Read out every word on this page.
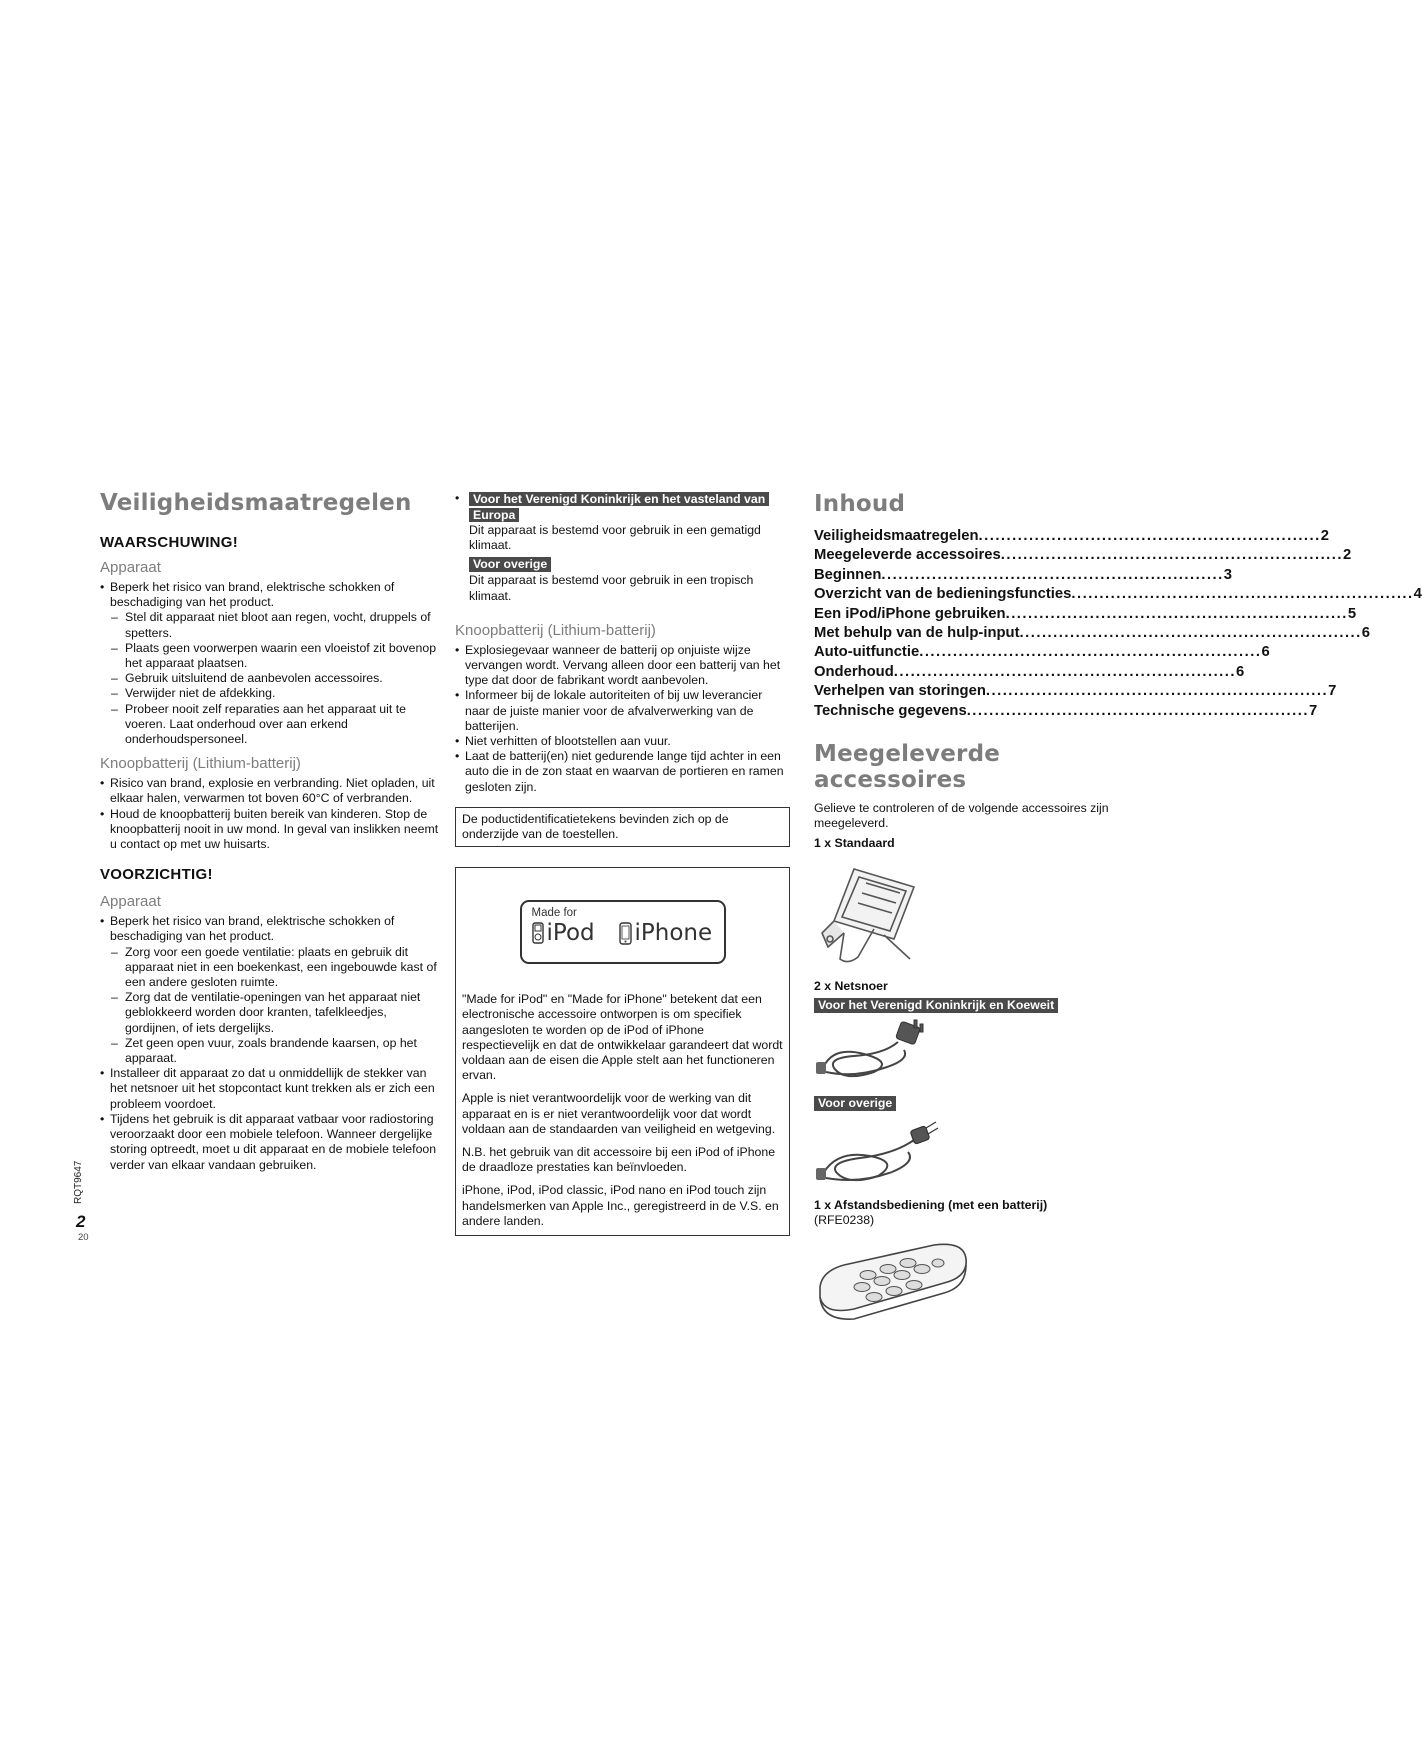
Veiligheidsmaatregelen
WAARSCHUWING!
Apparaat
• Beperk het risico van brand, elektrische schokken of beschadiging van het product.
– Stel dit apparaat niet bloot aan regen, vocht, druppels of spetters.
– Plaats geen voorwerpen waarin een vloeistof zit bovenop het apparaat plaatsen.
– Gebruik uitsluitend de aanbevolen accessoires.
– Verwijder niet de afdekking.
– Probeer nooit zelf reparaties aan het apparaat uit te voeren. Laat onderhoud over aan erkend onderhoudspersoneel.
Knoopbatterij (Lithium-batterij)
• Risico van brand, explosie en verbranding. Niet opladen, uit elkaar halen, verwarmen tot boven 60°C of verbranden.
• Houd de knoopbatterij buiten bereik van kinderen. Stop de knoopbatterij nooit in uw mond. In geval van inslikken neemt u contact op met uw huisarts.
VOORZICHTIG!
Apparaat
• Beperk het risico van brand, elektrische schokken of beschadiging van het product.
– Zorg voor een goede ventilatie: plaats en gebruik dit apparaat niet in een boekenkast, een ingebouwde kast of een andere gesloten ruimte.
– Zorg dat de ventilatie-openingen van het apparaat niet geblokkeerd worden door kranten, tafelkleedjes, gordijnen, of iets dergelijks.
– Zet geen open vuur, zoals brandende kaarsen, op het apparaat.
• Installeer dit apparaat zo dat u onmiddellijk de stekker van het netsnoer uit het stopcontact kunt trekken als er zich een probleem voordoet.
• Tijdens het gebruik is dit apparaat vatbaar voor radiostoring veroorzaakt door een mobiele telefoon. Wanneer dergelijke storing optreedt, moet u dit apparaat en de mobiele telefoon verder van elkaar vandaan gebruiken.
RQT9647
2
20
•	Voor het Verenigd Koninkrijk en het vasteland van Europa
Dit apparaat is bestemd voor gebruik in een gematigd klimaat.
Voor overige
Dit apparaat is bestemd voor gebruik in een tropisch klimaat.
Knoopbatterij (Lithium-batterij)
• Explosiegevaar wanneer de batterij op onjuiste wijze vervangen wordt. Vervang alleen door een batterij van het type dat door de fabrikant wordt aanbevolen.
• Informeer bij de lokale autoriteiten of bij uw leverancier naar de juiste manier voor de afvalverwerking van de batterijen.
• Niet verhitten of blootstellen aan vuur.
• Laat de batterij(en) niet gedurende lange tijd achter in een auto die in de zon staat en waarvan de portieren en ramen gesloten zijn.
De poductidentificatietekens bevinden zich op de onderzijde van de toestellen.
Made for
iPod iPhone

"Made for iPod" en "Made for iPhone" betekent dat een electronische accessoire ontworpen is om specifiek aangesloten te worden op de iPod of iPhone respectievelijk en dat de ontwikkelaar garandeert dat wordt voldaan aan de eisen die Apple stelt aan het functioneren ervan.

Apple is niet verantwoordelijk voor de werking van dit apparaat en is er niet verantwoordelijk voor dat wordt voldaan aan de standaarden van veiligheid en wetgeving.

N.B. het gebruik van dit accessoire bij een iPod of iPhone de draadloze prestaties kan beïnvloeden.

iPhone, iPod, iPod classic, iPod nano en iPod touch zijn handelsmerken van Apple Inc., geregistreerd in de V.S. en andere landen.

Inhoud
Veiligheidsmaatregelen ............................................................. 2
Meegeleverde accessoires ............................................................. 2
Beginnen ............................................................. 3
Overzicht van de bedieningsfuncties ............................................................. 4
Een iPod/iPhone gebruiken ............................................................. 5
Met behulp van de hulp-input ............................................................. 6
Auto-uitfunctie ............................................................. 6
Onderhoud ............................................................. 6
Verhelpen van storingen ............................................................. 7
Technische gegevens ............................................................. 7
Meegeleverde accessoires
Gelieve te controleren of de volgende accessoires zijn meegeleverd.
1 x Standaard
2 x Netsnoer
Voor het Verenigd Koninkrijk en Koeweit
Voor overige
1 x Afstandsbediening (met een batterij)
(RFE0238)
